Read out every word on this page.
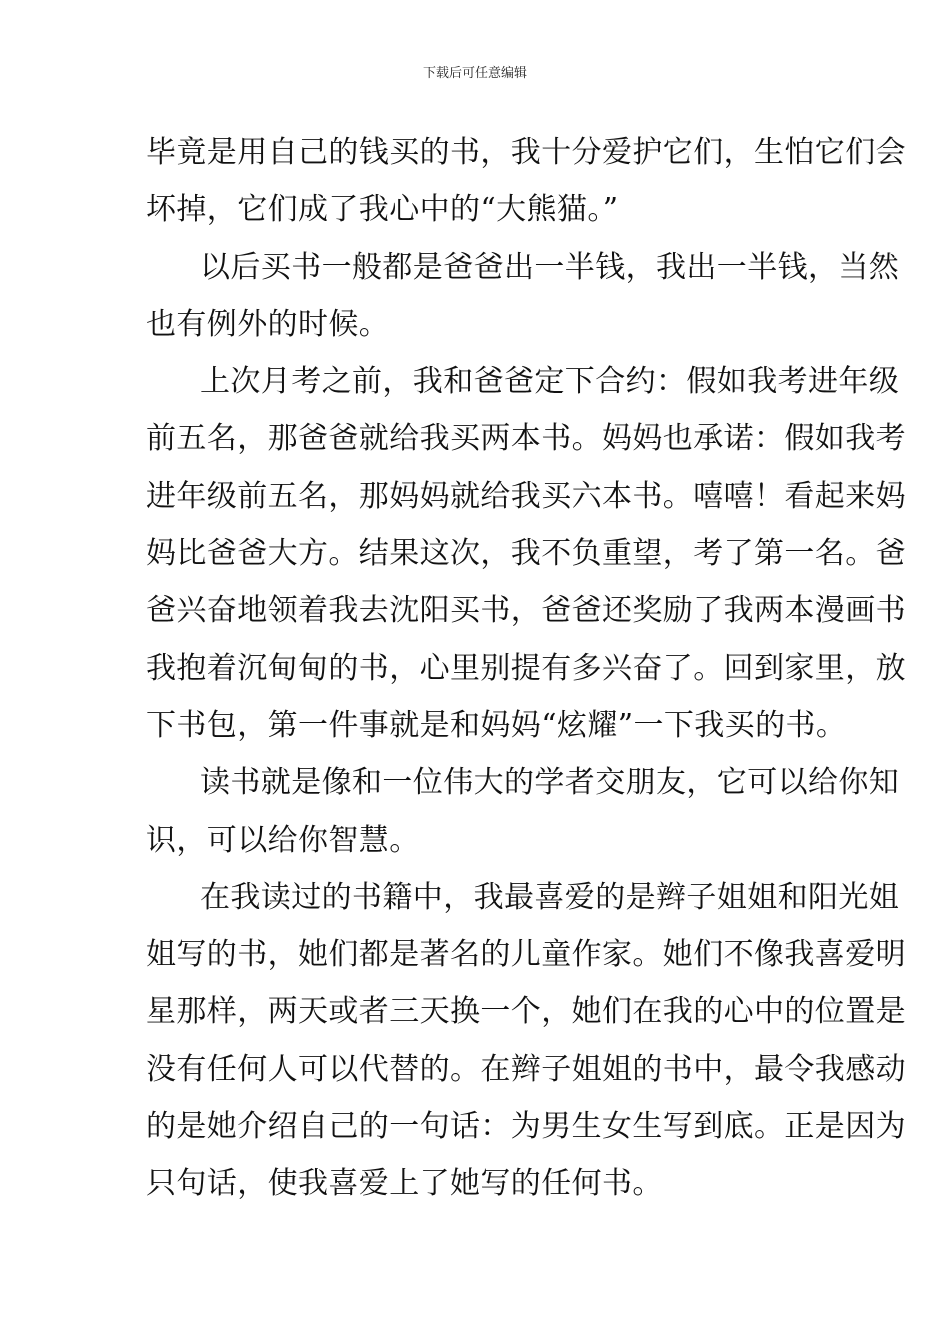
下载后可任意编辑
毕竟是用自己的钱买的书，我十分爱护它们，生怕它们会
坏掉，它们成了我心中的“大熊猫。”
以后买书一般都是爸爸出一半钱，我出一半钱，当然
也有例外的时候。
上次月考之前，我和爸爸定下合约：假如我考进年级
前五名，那爸爸就给我买两本书。妈妈也承诺：假如我考
进年级前五名，那妈妈就给我买六本书。嘻嘻！看起来妈
妈比爸爸大方。结果这次，我不负重望，考了第一名。爸
爸兴奋地领着我去沈阳买书，爸爸还奖励了我两本漫画书
我抱着沉甸甸的书，心里别提有多兴奋了。回到家里，放
下书包，第一件事就是和妈妈“炫耀”一下我买的书。
读书就是像和一位伟大的学者交朋友，它可以给你知
识，可以给你智慧。
在我读过的书籍中，我最喜爱的是辫子姐姐和阳光姐
姐写的书，她们都是著名的儿童作家。她们不像我喜爱明
星那样，两天或者三天换一个，她们在我的心中的位置是
没有任何人可以代替的。在辫子姐姐的书中，最令我感动
的是她介绍自己的一句话：为男生女生写到底。正是因为
只句话，使我喜爱上了她写的任何书。
